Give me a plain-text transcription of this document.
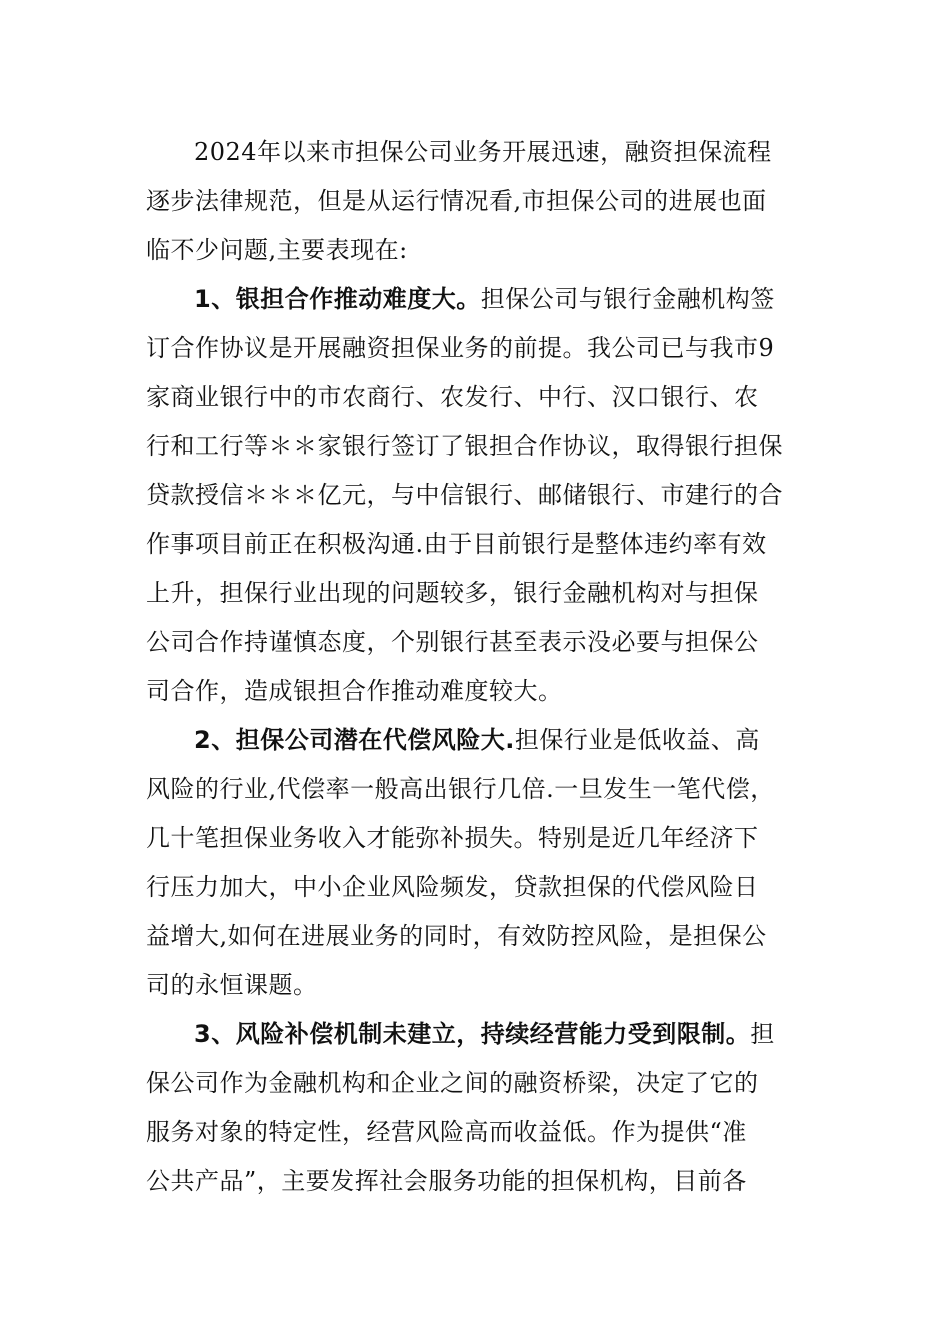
2024年以来市担保公司业务开展迅速，融资担保流程
逐步法律规范，但是从运行情况看,市担保公司的进展也面
临不少问题,主要表现在:
1、银担合作推动难度大。担保公司与银行金融机构签
订合作协议是开展融资担保业务的前提。我公司已与我市9
家商业银行中的市农商行、农发行、中行、汉口银行、农
行和工行等＊＊家银行签订了银担合作协议，取得银行担保
贷款授信＊＊＊亿元，与中信银行、邮储银行、市建行的合
作事项目前正在积极沟通.由于目前银行是整体违约率有效
上升，担保行业出现的问题较多，银行金融机构对与担保
公司合作持谨慎态度，个别银行甚至表示没必要与担保公
司合作，造成银担合作推动难度较大。
2、担保公司潜在代偿风险大.担保行业是低收益、高
风险的行业,代偿率一般高出银行几倍.一旦发生一笔代偿，
几十笔担保业务收入才能弥补损失。特别是近几年经济下
行压力加大，中小企业风险频发，贷款担保的代偿风险日
益增大,如何在进展业务的同时，有效防控风险，是担保公
司的永恒课题。
3、风险补偿机制未建立，持续经营能力受到限制。担
保公司作为金融机构和企业之间的融资桥梁，决定了它的
服务对象的特定性，经营风险高而收益低。作为提供“准
公共产品”，主要发挥社会服务功能的担保机构，目前各
